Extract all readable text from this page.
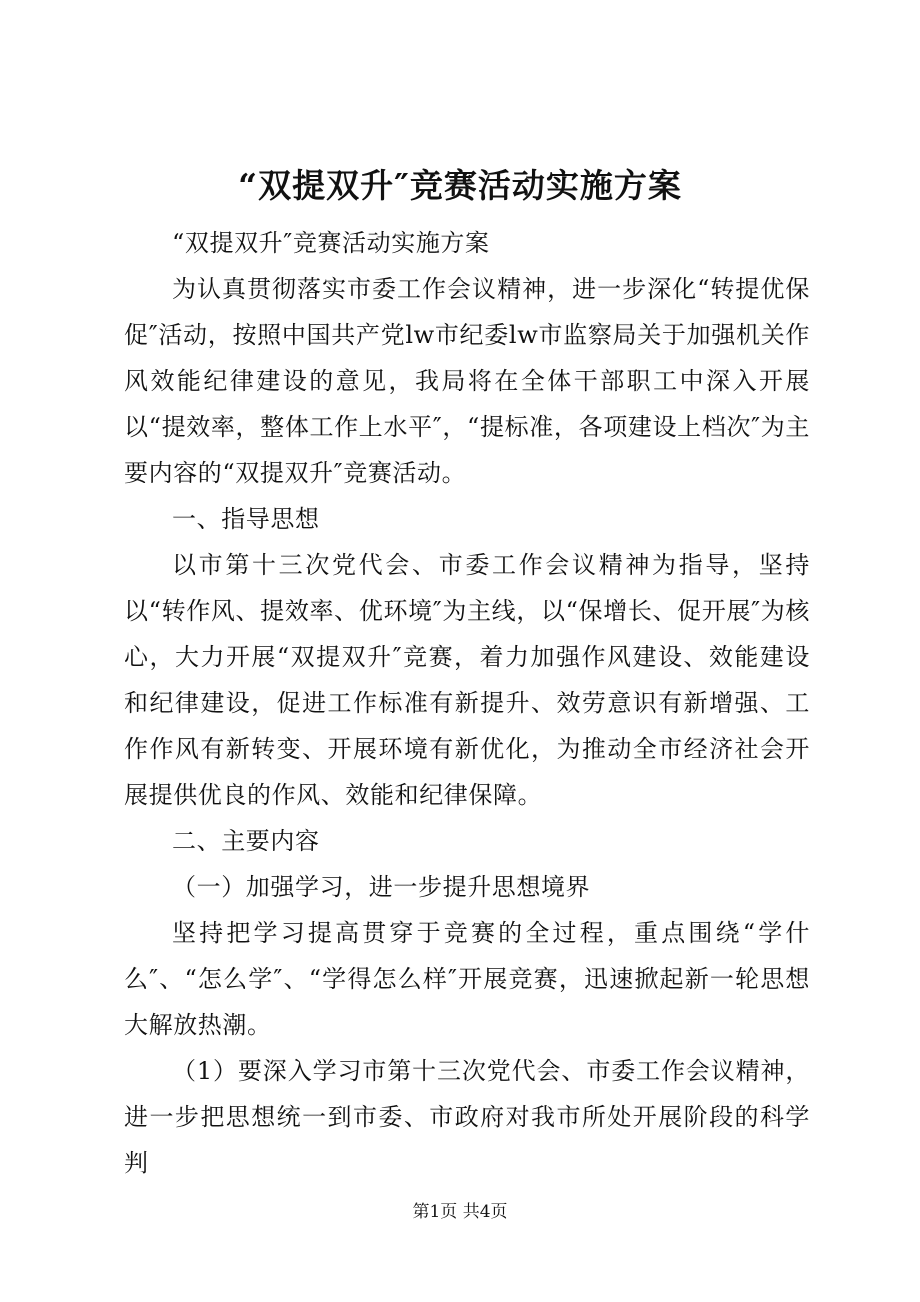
“双提双升″竞赛活动实施方案

“双提双升″竞赛活动实施方案

为认真贯彻落实市委工作会议精神，进一步深化“转提优保促″活动，按照中国共产党lw市纪委lw市监察局关于加强机关作风效能纪律建设的意见，我局将在全体干部职工中深入开展以“提效率，整体工作上水平″，“提标准，各项建设上档次″为主要内容的“双提双升″竞赛活动。

一、指导思想

以市第十三次党代会、市委工作会议精神为指导，坚持以“转作风、提效率、优环境″为主线，以“保增长、促开展″为核心，大力开展“双提双升″竞赛，着力加强作风建设、效能建设和纪律建设，促进工作标准有新提升、效劳意识有新增强、工作作风有新转变、开展环境有新优化，为推动全市经济社会开展提供优良的作风、效能和纪律保障。

二、主要内容

（一）加强学习，进一步提升思想境界

坚持把学习提高贯穿于竞赛的全过程，重点围绕“学什么″、“怎么学″、“学得怎么样″开展竞赛，迅速掀起新一轮思想大解放热潮。

（1）要深入学习市第十三次党代会、市委工作会议精神，进一步把思想统一到市委、市政府对我市所处开展阶段的科学判

第1页 共4页
